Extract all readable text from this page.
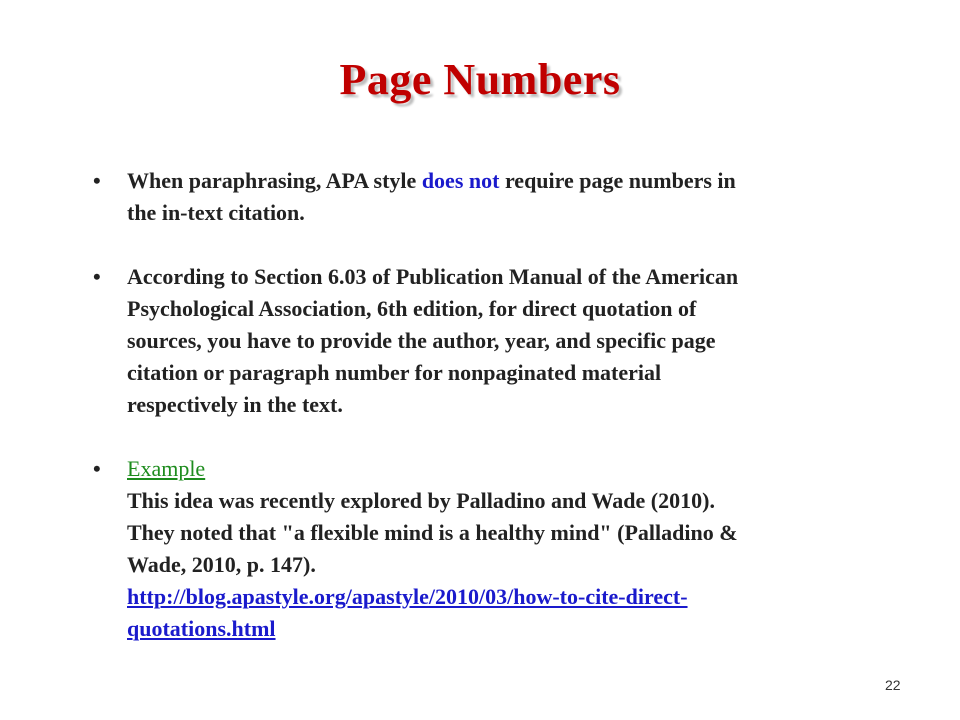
Page Numbers
• When paraphrasing, APA style does not require page numbers in
the in-text citation.
• According to Section 6.03 of Publication Manual of the American
Psychological Association, 6th edition, for direct quotation of
sources, you have to provide the author, year, and specific page
citation or paragraph number for nonpaginated material
respectively in the text.
• Example
This idea was recently explored by Palladino and Wade (2010).
They noted that "a flexible mind is a healthy mind" (Palladino &
Wade, 2010, p. 147).
http://blog.apastyle.org/apastyle/2010/03/how-to-cite-direct-
quotations.html
22
